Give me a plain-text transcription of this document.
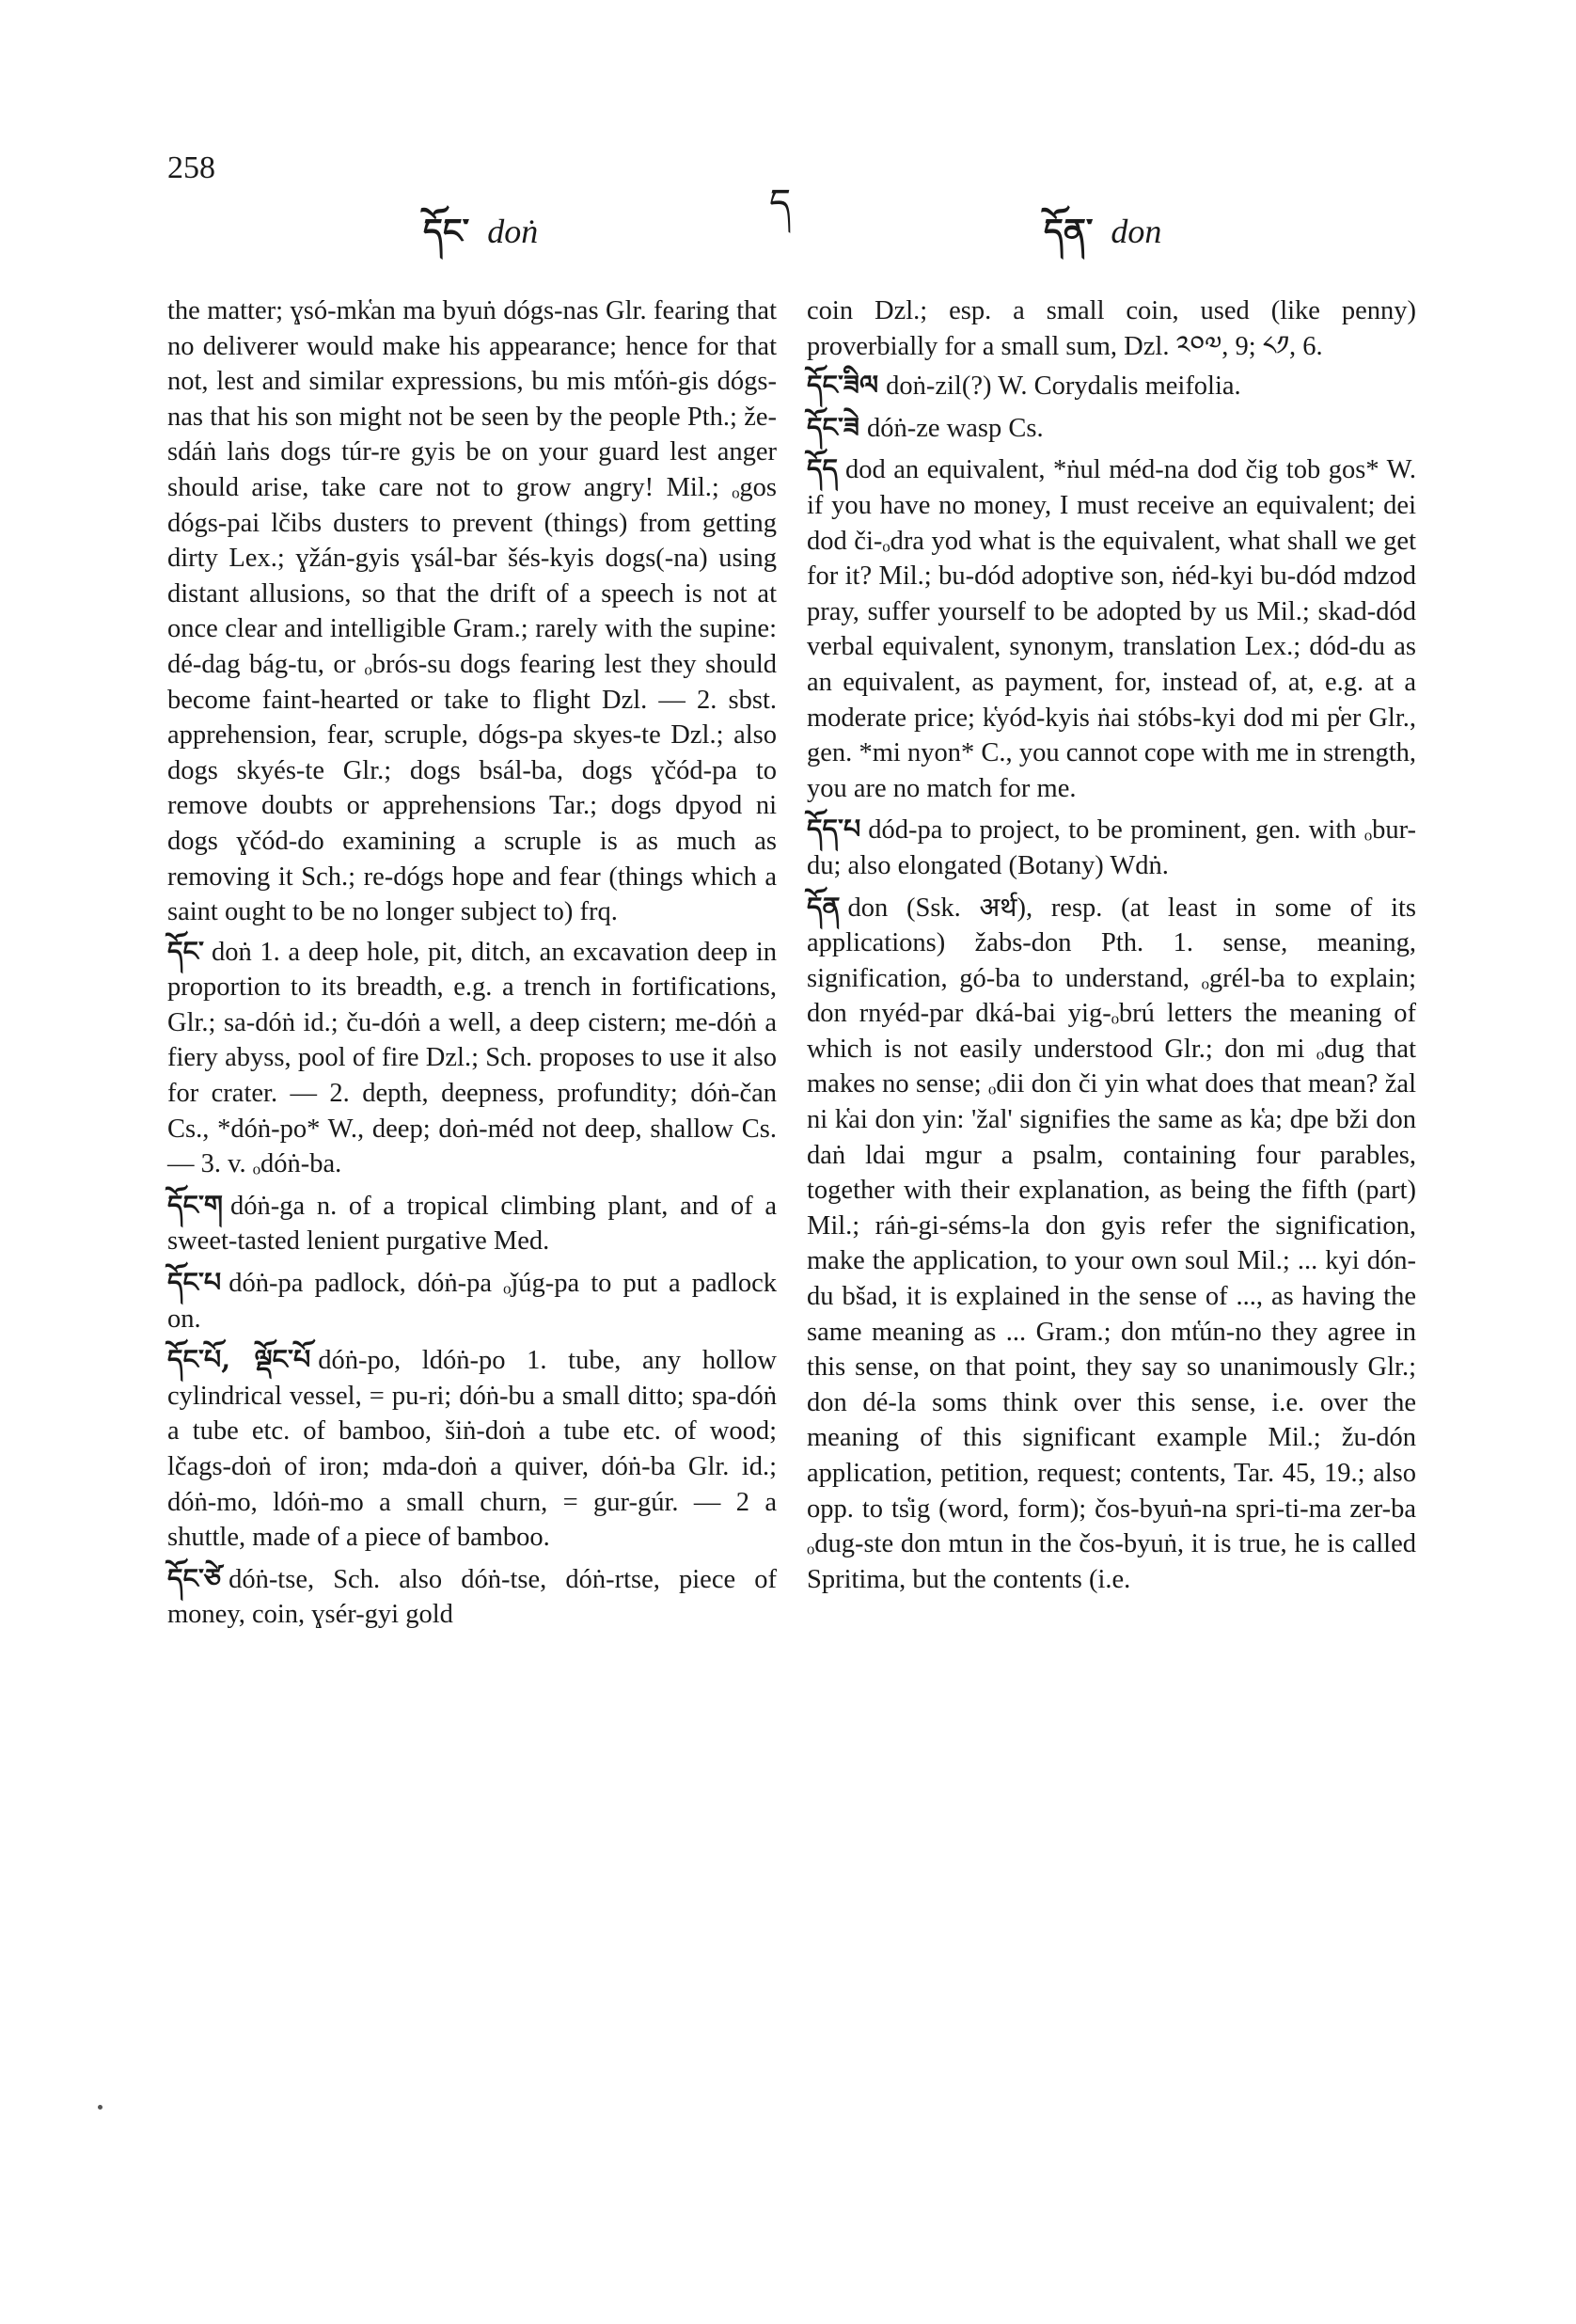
258
དོང་ doṅ
ད
དོན་ don

the matter; ɣsó-mk̔an ma byuṅ dógs-nas Glr. fearing that no deliverer would make his appearance; hence for that not, lest and similar expressions, bu mis mt̔óṅ-gis dógs-nas that his son might not be seen by the people Pth.; že-sdáṅ laṅs dogs túr-re gyis be on your guard lest anger should arise, take care not to grow angry! Mil.; ₒgos dógs-pai lčibs dusters to prevent (things) from getting dirty Lex.; ɣžán-gyis ɣsál-bar šés-kyis dogs(-na) using distant allusions, so that the drift of a speech is not at once clear and intelligible Gram.; rarely with the supine: dé-dag bág-tu, or ₒbrós-su dogs fearing lest they should become faint-hearted or take to flight Dzl. — 2. sbst. apprehension, fear, scruple, dógs-pa skyes-te Dzl.; also dogs skyés-te Glr.; dogs bsál-ba, dogs ɣčód-pa to remove doubts or apprehensions Tar.; dogs dpyod ni dogs ɣčód-do examining a scruple is as much as removing it Sch.; re-dógs hope and fear (things which a saint ought to be no longer subject to) frq.

དོང་ doṅ 1. a deep hole, pit, ditch, an excavation deep in proportion to its breadth, e.g. a trench in fortifications, Glr.; sa-dóṅ id.; ču-dóṅ a well, a deep cistern; me-dóṅ a fiery abyss, pool of fire Dzl.; Sch. proposes to use it also for crater. — 2. depth, deepness, profundity; dóṅ-čan Cs., *dóṅ-po* W., deep; doṅ-méd not deep, shallow Cs. — 3. v. ₒdóṅ-ba.
དོང་ག dóṅ-ga n. of a tropical climbing plant, and of a sweet-tasted lenient purgative Med.
དོང་པ dóṅ-pa padlock, dóṅ-pa ₒǰúg-pa to put a padlock on.
དོང་པོ, ལྡོང་པོ dóṅ-po, ldóṅ-po 1. tube, any hollow cylindrical vessel, = pu-ri; dóṅ-bu a small ditto; spa-dóṅ a tube etc. of bamboo, šiṅ-doṅ a tube etc. of wood; lčags-doṅ of iron; mda-doṅ a quiver, dóṅ-ba Glr. id.; dóṅ-mo, ldóṅ-mo a small churn, = gur-gúr. — 2 a shuttle, made of a piece of bamboo.
དོང་ཙེ dóṅ-tse, Sch. also dóṅ-tse, dóṅ-rtse, piece of money, coin, ɣsér-gyi gold

coin Dzl.; esp. a small coin, used (like penny) proverbially for a small sum, Dzl. ༢༠༧, 9; ༨༡, 6.

དོང་ཟིལ doṅ-zil(?) W. Corydalis meifolia.
དོང་ཟེ dóṅ-ze wasp Cs.
དོད dod an equivalent, *ṅul méd-na dod čig tob gos* W. if you have no money, I must receive an equivalent; dei dod či-ₒdra yod what is the equivalent, what shall we get for it? Mil.; bu-dód adoptive son, ṅéd-kyi bu-dód mdzod pray, suffer yourself to be adopted by us Mil.; skad-dód verbal equivalent, synonym, translation Lex.; dód-du as an equivalent, as payment, for, instead of, at, e.g. at a moderate price; k̔yód-kyis ṅai stóbs-kyi dod mi p̔er Glr., gen. *mi nyon* C., you cannot cope with me in strength, you are no match for me.
དོད་པ dód-pa to project, to be prominent, gen. with ₒbur-du; also elongated (Botany) Wdṅ.
དོན don (Ssk. अर्थ), resp. (at least in some of its applications) žabs-don Pth. 1. sense, meaning, signification, gó-ba to understand, ₒgrél-ba to explain; don rnyéd-par dká-bai yig-ₒbrú letters the meaning of which is not easily understood Glr.; don mi ₒdug that makes no sense; ₒdii don či yin what does that mean? žal ni k̔ai don yin: 'žal' signifies the same as k̔a; dpe bži don daṅ ldai mgur a psalm, containing four parables, together with their explanation, as being the fifth (part) Mil.; ráṅ-gi-séms-la don gyis refer the signification, make the application, to your own soul Mil.; ... kyi dón-du bšad, it is explained in the sense of ..., as having the same meaning as ... Gram.; don mt̔ún-no they agree in this sense, on that point, they say so unanimously Glr.; don dé-la soms think over this sense, i.e. over the meaning of this significant example Mil.; žu-dón application, petition, request; contents, Tar. 45, 19.; also opp. to ts̔ig (word, form); čos-byuṅ-na spri-ti-ma zer-ba ₒdug-ste don mtun in the čos-byuṅ, it is true, he is called Spritima, but the contents (i.e.
